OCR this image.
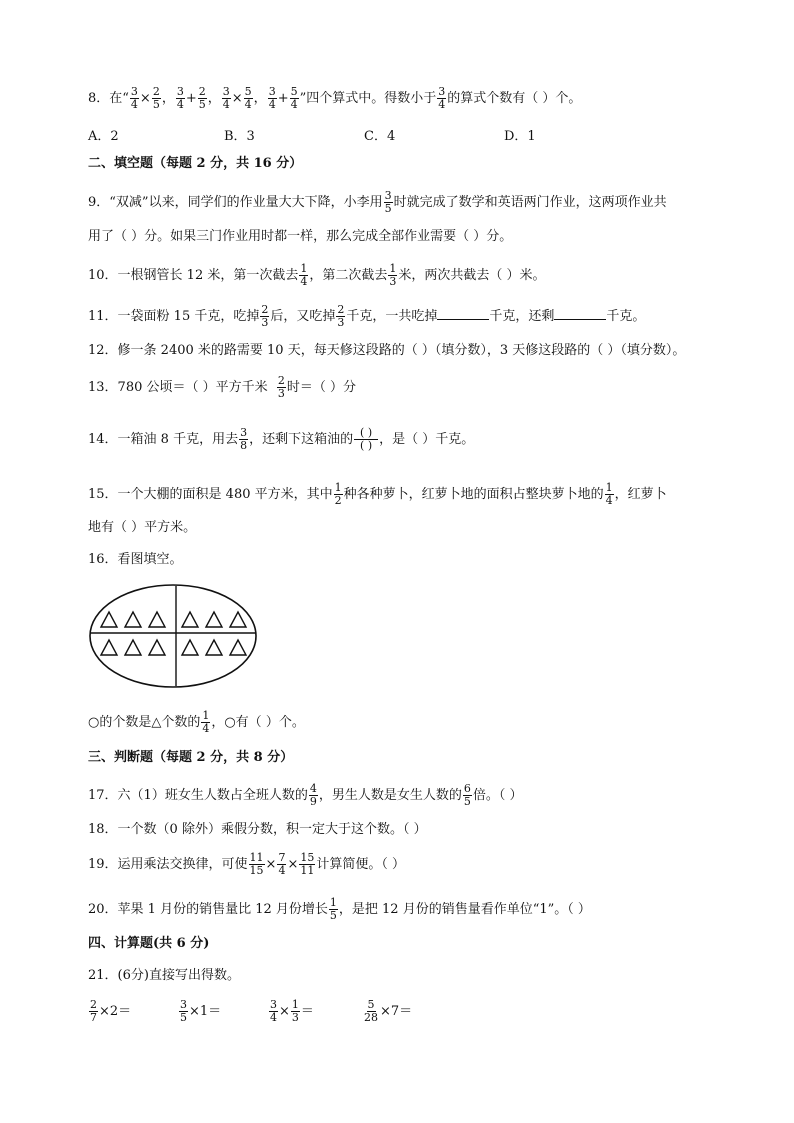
8．在“ $\frac{3}{4} \times \frac{2}{5}$ ， $\frac{3}{4} + \frac{2}{5}$ ， $\frac{3}{4} \times \frac{5}{4}$ ， $\frac{3}{4} + \frac{5}{4}$ ”四个算式中。得数小于 $\frac{3}{4}$ 的算式个数有（ ）个。
A．2	B．3	C．4	D．1
二、填空题（每题 2 分，共 16 分）
9．“双减”以来，同学们的作业量大大下降，小李用 $\frac{3}{5}$ 时就完成了数学和英语两门作业，这两项作业共
用了（ ）分。如果三门作业用时都一样，那么完成全部作业需要（ ）分。
10．一根钢管长 12 米，第一次截去 $\frac{1}{4}$ ，第二次截去 $\frac{1}{3}$ 米，两次共截去（ ）米。
11．一袋面粉 15 千克，吃掉 $\frac{2}{3}$ 后，又吃掉 $\frac{2}{3}$ 千克，一共吃掉	千克，还剩	千克。
12．修一条 2400 米的路需要 10 天，每天修这段路的（ ）（填分数），3 天修这段路的（ ）（填分数）。
13．780 公顷＝（ ）平方千米 $\frac{2}{3}$ 时＝（ ）分
14．一箱油 8 千克，用去 $\frac{3}{8}$ ，还剩下这箱油的 $\frac{( )}{( )}$ ，是（ ）千克。
15．一个大棚的面积是 480 平方米，其中 $\frac{1}{2}$ 种各种萝卜，红萝卜地的面积占整块萝卜地的 $\frac{1}{4}$ ，红萝卜
地有（ ）平方米。
16．看图填空。
○的个数是△个数的 $\frac{1}{4}$ ，○有（ ）个。
三、判断题（每题 2 分，共 8 分）
17．六（1）班女生人数占全班人数的 $\frac{4}{9}$ ，男生人数是女生人数的 $\frac{6}{5}$ 倍。（ ）
18．一个数（0 除外）乘假分数，积一定大于这个数。（ ）
19．运用乘法交换律，可使 $\frac{11}{15} \times \frac{7}{4} \times \frac{15}{11}$ 计算简便。（ ）
20．苹果 1 月份的销售量比 12 月份增长 $\frac{1}{5}$ ，是把 12 月份的销售量看作单位“1”。（ ）
四、计算题(共 6 分)
21．(6分)直接写出得数。
$\frac{2}{7} \times 2=$	$\frac{3}{5} \times 1=$	$\frac{3}{4} \times \frac{1}{3}$ ＝	$\frac{5}{28} \times 7=$
